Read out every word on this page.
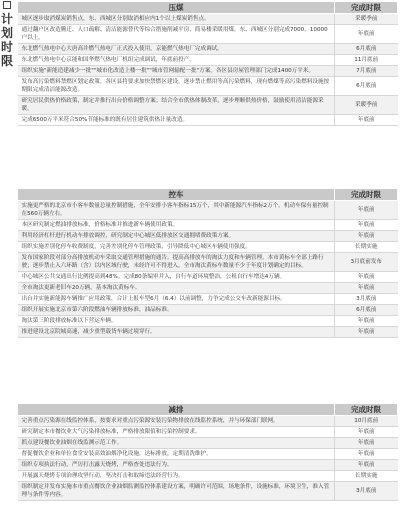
计划时限
压煤	完成时限
城区逐步取消煤炭销售点，东、西城区分别取消相应内1个以上煤炭销售点。	采暖季前
通过翻户区改造腾迁、人口疏解、清洁能源替代等综合措施削减平房、简易楼采暖用煤。东、西城区分别完成7000、10000户以上。	年底前
东北燃气热电中心大唐高井燃气热电厂正式投入使用，京能燃气热电厂完成调试。	6月底前
东北燃气热电中心京能和国华燃气热电厂机组完成调试，年底前投产。	11月底前
组织实施"新能造建减少一批""城市化改造上楼一批""城市管网输配一批"方案。各区县房屋管理部门完成1400万平米。	7月底前
发布高污染燃料禁燃区划定政策。各区县将要求加快禁燃区建设，逐步禁止燃用等高污染燃料，现有燃煤等高污染燃料设施按期限完成清洁能源改造。	6月底前
研究居民供热价格政策，制定并推行出台价格调整方案；结合全市供热体制改革，逐步理顺供热价格，鼓励使用清洁能源采暖。	采暖季前
完成6500万平米符合50%节能标准的既有居住建筑供热计量改造。	年底前
控车	完成时限
实施更严格的北京市小客车数量总量控制措施，全年安排小客车指标15万个，其中新能源汽车指标2万个。机动车保有量控制在560万辆左右。	年底前
本区研究制定燃油排放标准，价格标准并推进新车辆使用政策。	年底前
利用经济杠杆进行机动车排放调控，研究制定中心城区低排放区交通拥堵费政策方案。	年底前
组织实施差别化停车收费制度，完善差别化停车管理政策，引导降低中心城区车辆使用强度。	长期实施
发布国家阶段对部分高排放机动车采取交通管理措施的通告。提高高排放车的淘汰力度和车辆管理。本市黄标车全部上路行驶；逐步禁止入六环路（含）以内区域行驶，未经许可不得进入。全市淘汰黄标车数量不少于年度计划确定的目标。	3月底前发布
中心城区公共交通出行比例提高到48%。完成80条编审并入，自行车道环境整治，公租自行车增达4万辆。	年底前
全市淘汰更新老旧车20万辆，基本淘汰黄标车。	年底前
出台并实施新能源车辆推广应用政策，合计上报车型6月（6.4）以前调整，力争完成公交车改新能源目标。	3月底前
组织开展实施北京市第六阶段燃油车辆排放标准，油品标准。	6月底前
淘汰第三阶段排放标准以下营运车辆。	年底前
推进建设北京院城高速，减少重型载货车辆过境穿行。	年底前
减排	完成时限
完善重点污染源在线监控体系，按要求对重点污染源安装污染物排放在线监控系统，并与环保部门联网。	10月底前
研究制定本市餐饮业大气污染排放标准，严格排放限值和污染控制要求。	年底前
抓点建设餐饮业油烟在线监测示范工作。	年底前
督促餐饮企业和单位食堂安装高效油烟净化设施，达标排放，定期清洗维护。	年底前
组织专项执法行动，严厉打击露天烧烤，严格查处违法行为。	年底前
开展露天烧烤专项治理攻坚行动，坚决打击和取缔违法经营行为。	长期实施
组织制定并发布实施本市重点餐饮企业油烟监测监控体系建设方案，明确许可范围，场地条件，设施标准，环境卫生，准入管理与条件等内容。	3月底前
